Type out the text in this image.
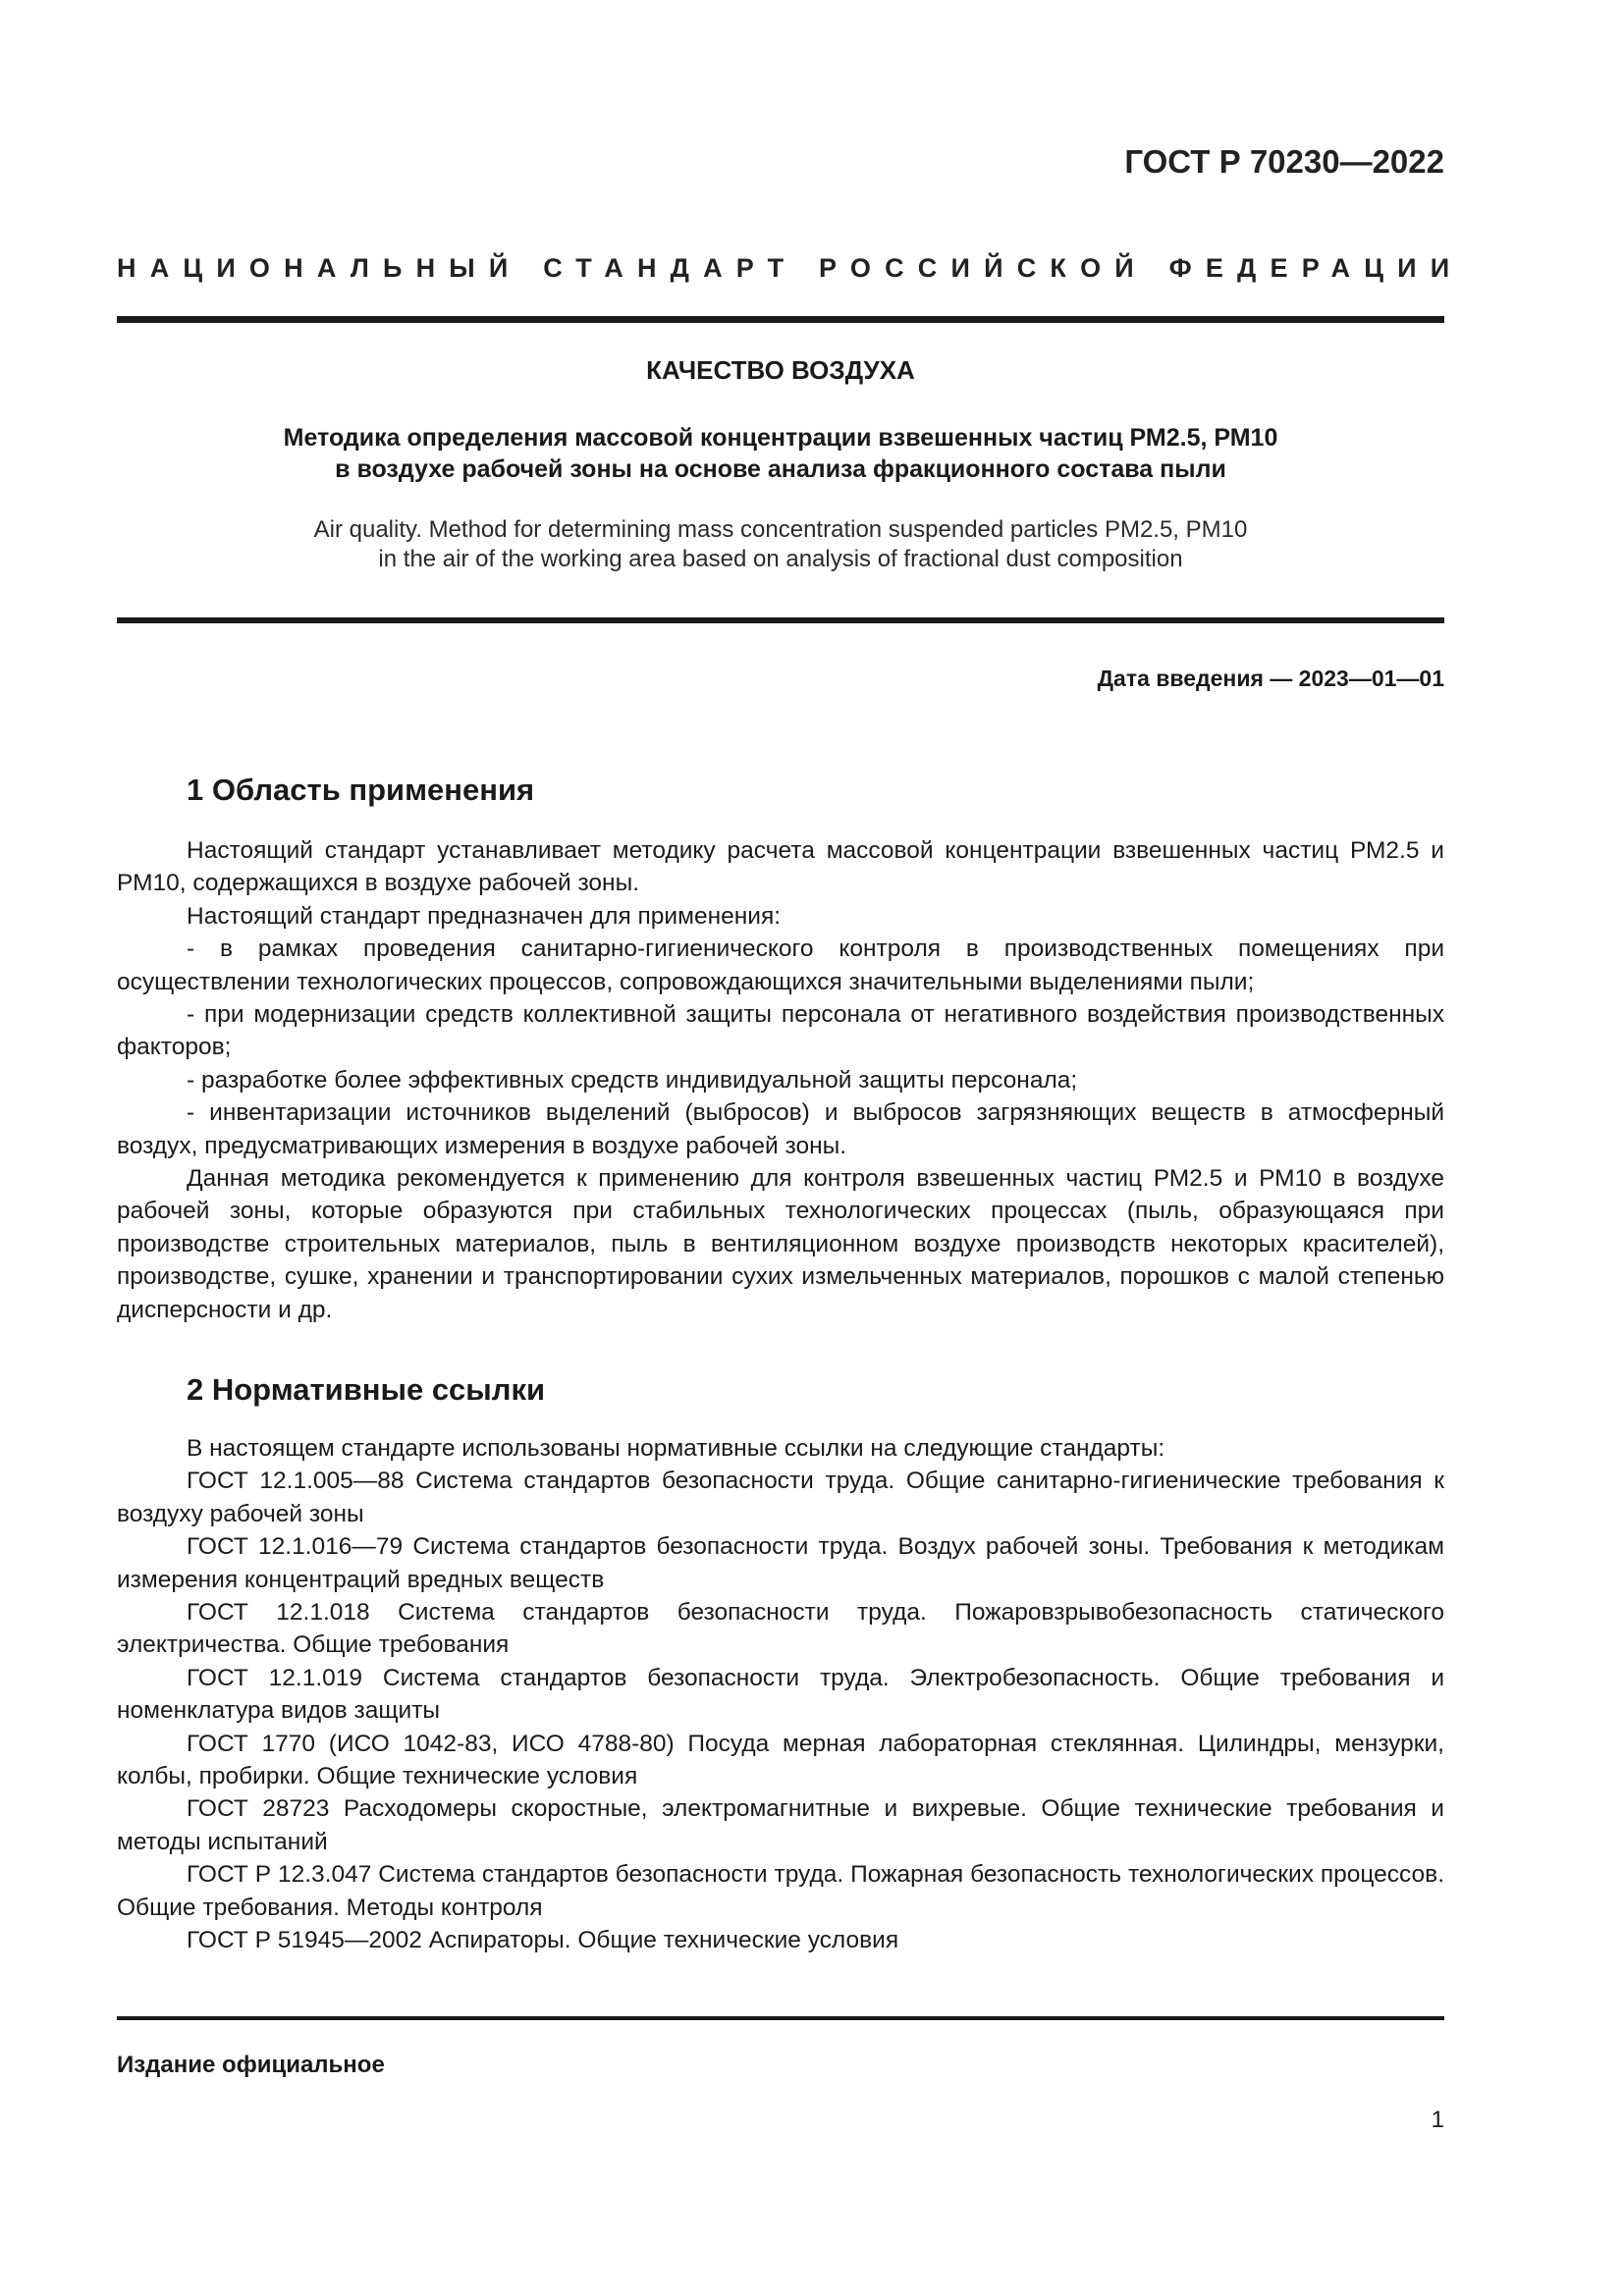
ГОСТ Р 70230—2022
НАЦИОНАЛЬНЫЙ СТАНДАРТ РОССИЙСКОЙ ФЕДЕРАЦИИ
КАЧЕСТВО ВОЗДУХА
Методика определения массовой концентрации взвешенных частиц РМ2.5, РМ10
в воздухе рабочей зоны на основе анализа фракционного состава пыли
Air quality. Method for determining mass concentration suspended particles PM2.5, PM10
in the air of the working area based on analysis of fractional dust composition
Дата введения — 2023—01—01
1 Область применения

Настоящий стандарт устанавливает методику расчета массовой концентрации взвешенных частиц РМ2.5 и РМ10, содержащихся в воздухе рабочей зоны.

Настоящий стандарт предназначен для применения:

- в рамках проведения санитарно-гигиенического контроля в производственных помещениях при осуществлении технологических процессов, сопровождающихся значительными выделениями пыли;

- при модернизации средств коллективной защиты персонала от негативного воздействия производственных факторов;

- разработке более эффективных средств индивидуальной защиты персонала;

- инвентаризации источников выделений (выбросов) и выбросов загрязняющих веществ в атмосферный воздух, предусматривающих измерения в воздухе рабочей зоны.

Данная методика рекомендуется к применению для контроля взвешенных частиц РМ2.5 и РМ10 в воздухе рабочей зоны, которые образуются при стабильных технологических процессах (пыль, образующаяся при производстве строительных материалов, пыль в вентиляционном воздухе производств некоторых красителей), производстве, сушке, хранении и транспортировании сухих измельченных материалов, порошков с малой степенью дисперсности и др.

2 Нормативные ссылки

В настоящем стандарте использованы нормативные ссылки на следующие стандарты:

ГОСТ 12.1.005—88 Система стандартов безопасности труда. Общие санитарно-гигиенические требования к воздуху рабочей зоны

ГОСТ 12.1.016—79 Система стандартов безопасности труда. Воздух рабочей зоны. Требования к методикам измерения концентраций вредных веществ

ГОСТ 12.1.018 Система стандартов безопасности труда. Пожаровзрывобезопасность статического электричества. Общие требования

ГОСТ 12.1.019 Система стандартов безопасности труда. Электробезопасность. Общие требования и номенклатура видов защиты

ГОСТ 1770 (ИСО 1042-83, ИСО 4788-80) Посуда мерная лабораторная стеклянная. Цилиндры, мензурки, колбы, пробирки. Общие технические условия

ГОСТ 28723 Расходомеры скоростные, электромагнитные и вихревые. Общие технические требования и методы испытаний

ГОСТ Р 12.3.047 Система стандартов безопасности труда. Пожарная безопасность технологических процессов. Общие требования. Методы контроля

ГОСТ Р 51945—2002 Аспираторы. Общие технические условия

Издание официальное
1
